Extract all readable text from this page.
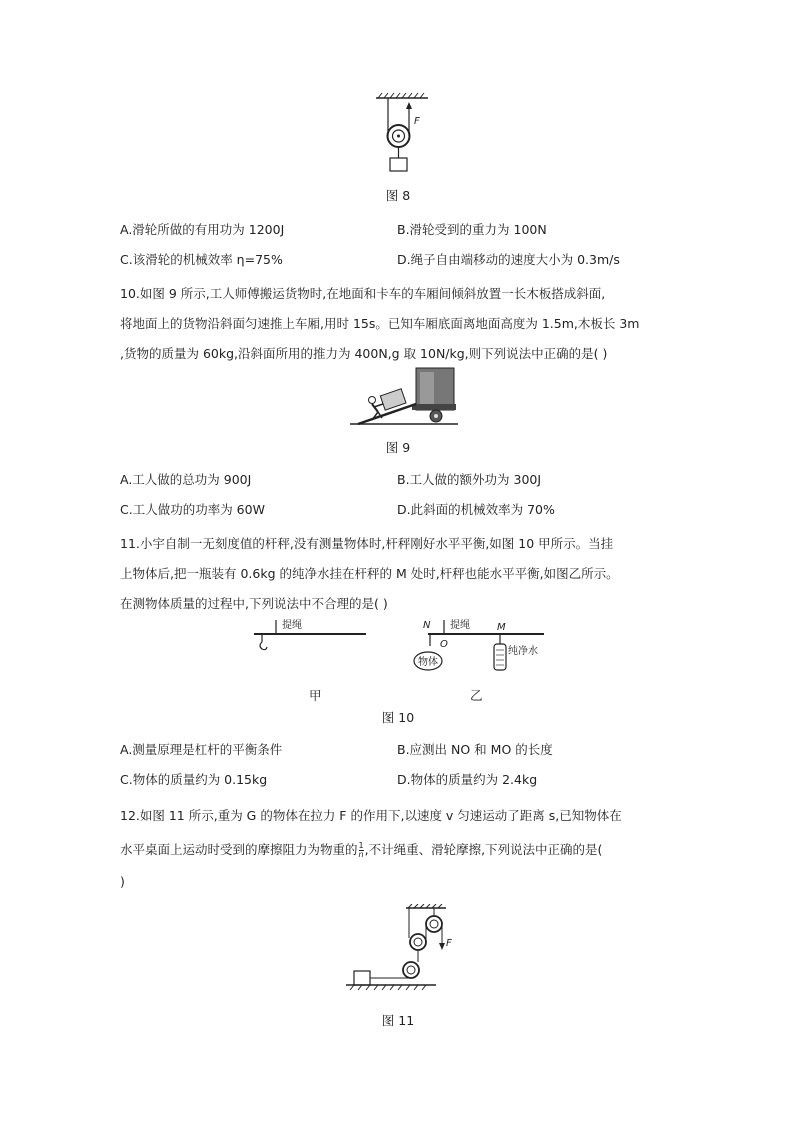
F
图 8
A.滑轮所做的有用功为 1200J	B.滑轮受到的重力为 100N
C.该滑轮的机械效率 η=75%	D.绳子自由端移动的速度大小为 0.3m/s
10.如图 9 所示,工人师傅搬运货物时,在地面和卡车的车厢间倾斜放置一长木板搭成斜面,
将地面上的货物沿斜面匀速推上车厢,用时 15s。已知车厢底面离地面高度为 1.5m,木板长 3m
,货物的质量为 60kg,沿斜面所用的推力为 400N,g 取 10N/kg,则下列说法中正确的是( )
图 9
A.工人做的总功为 900J	B.工人做的额外功为 300J
C.工人做功的功率为 60W	D.此斜面的机械效率为 70%
11.小宇自制一无刻度值的杆秤,没有测量物体时,杆秤刚好水平平衡,如图 10 甲所示。当挂
上物体后,把一瓶装有 0.6kg 的纯净水挂在杆秤的 M 处时,杆秤也能水平平衡,如图乙所示。
在测物体质量的过程中,下列说法中不合理的是( )
提绳	N
O
M
提绳
物体
纯净水
甲	乙
图 10
A.测量原理是杠杆的平衡条件	B.应测出 NO 和 MO 的长度
C.物体的质量约为 0.15kg	D.物体的质量约为 2.4kg
12.如图 11 所示,重为 G 的物体在拉力 F 的作用下,以速度 v 匀速运动了距离 s,已知物体在
水平桌面上运动时受到的摩擦阻力为物重的 $\frac{1}{n}$ ,不计绳重、滑轮摩擦,下列说法中正确的是(
)
F
图 11
